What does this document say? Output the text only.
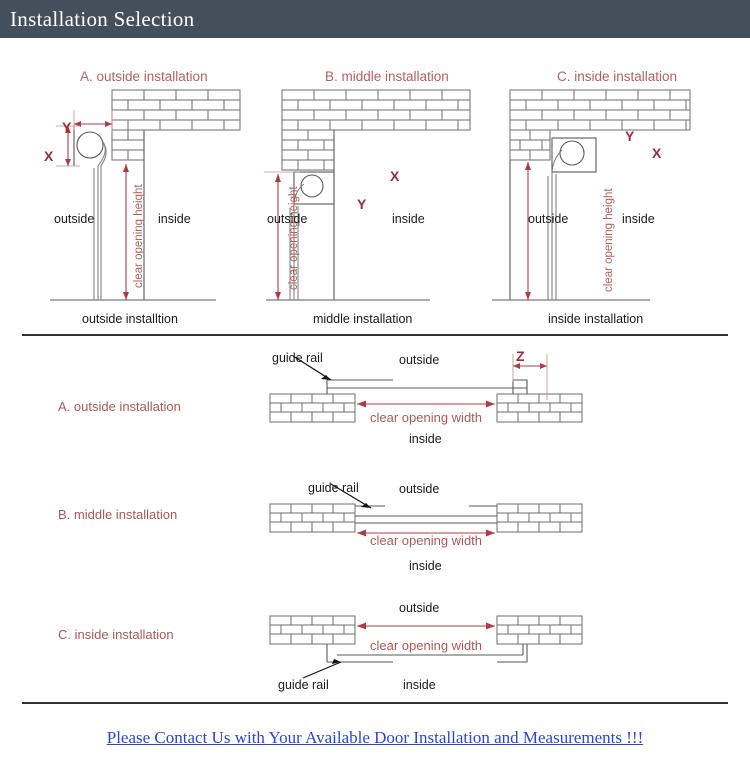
Installation Selection
A. outside installation
clear opening height
Y
X
outside	inside
outside installtion
B. middle installation
clear opening height
X
Y
outside	inside
middle installation
C. inside installation
clear opening height
Y
X
outside	inside
inside installation
A. outside installation
guide rail	outside
clear opening width
inside
Z
B. middle installation
guide rail	outside
clear opening width
inside
C. inside installation
outside
clear opening width
guide rail	inside
Please Contact Us with Your Available Door Installation and Measurements !!!
